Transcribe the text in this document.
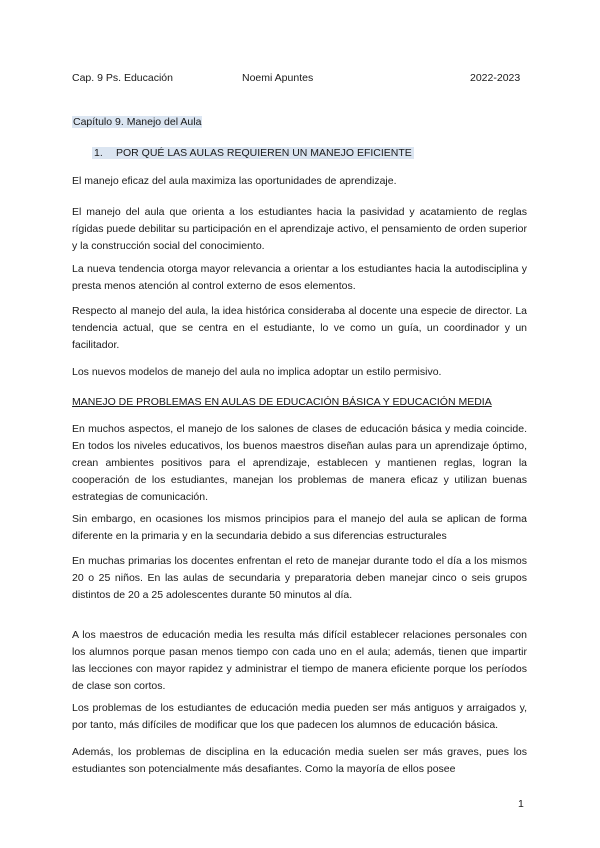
Cap. 9 Ps. Educación	Noemi Apuntes	2022-2023
Capítulo 9. Manejo del Aula
1. POR QUÉ LAS AULAS REQUIEREN UN MANEJO EFICIENTE

El manejo eficaz del aula maximiza las oportunidades de aprendizaje.

El manejo del aula que orienta a los estudiantes hacia la pasividad y acatamiento de reglas rígidas puede debilitar su participación en el aprendizaje activo, el pensamiento de orden superior y la construcción social del conocimiento.

La nueva tendencia otorga mayor relevancia a orientar a los estudiantes hacia la autodisciplina y presta menos atención al control externo de esos elementos.

Respecto al manejo del aula, la idea histórica consideraba al docente una especie de director. La tendencia actual, que se centra en el estudiante, lo ve como un guía, un coordinador y un facilitador.

Los nuevos modelos de manejo del aula no implica adoptar un estilo permisivo.

MANEJO DE PROBLEMAS EN AULAS DE EDUCACIÓN BÁSICA Y EDUCACIÓN MEDIA

En muchos aspectos, el manejo de los salones de clases de educación básica y media coincide. En todos los niveles educativos, los buenos maestros diseñan aulas para un aprendizaje óptimo, crean ambientes positivos para el aprendizaje, establecen y mantienen reglas, logran la cooperación de los estudiantes, manejan los problemas de manera eficaz y utilizan buenas estrategias de comunicación.

Sin embargo, en ocasiones los mismos principios para el manejo del aula se aplican de forma diferente en la primaria y en la secundaria debido a sus diferencias estructurales

En muchas primarias los docentes enfrentan el reto de manejar durante todo el día a los mismos 20 o 25 niños. En las aulas de secundaria y preparatoria deben manejar cinco o seis grupos distintos de 20 a 25 adolescentes durante 50 minutos al día.

A los maestros de educación media les resulta más difícil establecer relaciones personales con los alumnos porque pasan menos tiempo con cada uno en el aula; además, tienen que impartir las lecciones con mayor rapidez y administrar el tiempo de manera eficiente porque los períodos de clase son cortos.

Los problemas de los estudiantes de educación media pueden ser más antiguos y arraigados y, por tanto, más difíciles de modificar que los que padecen los alumnos de educación básica.

Además, los problemas de disciplina en la educación media suelen ser más graves, pues los estudiantes son potencialmente más desafiantes. Como la mayoría de ellos posee

1
